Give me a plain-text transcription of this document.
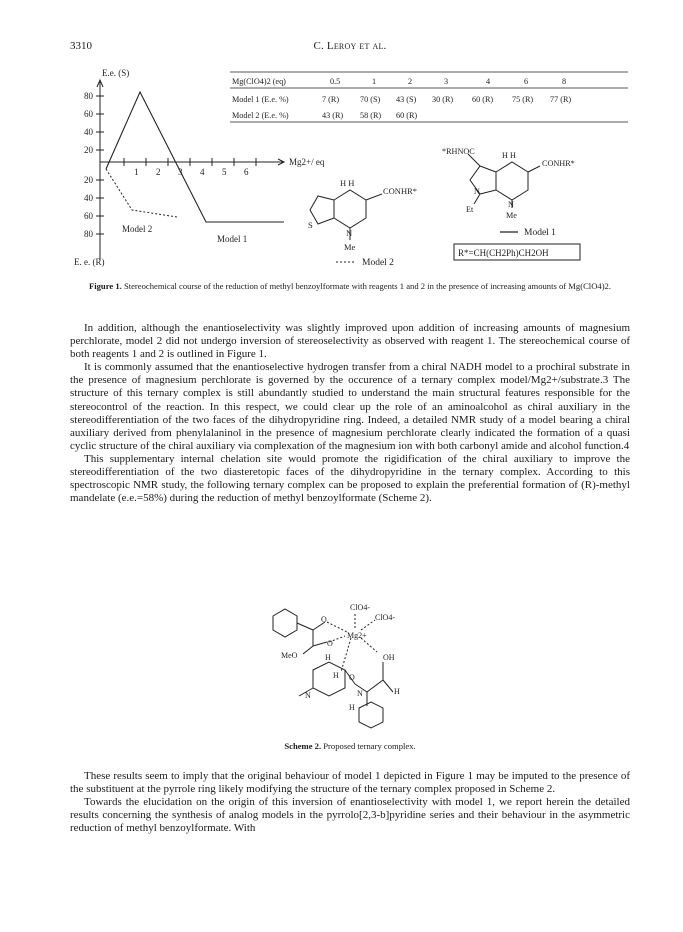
3310	C. Leroy et al.
E.e. (S)
E. e. (R)
80
60
40
20
20
40
60
80
1 2 3 4 5 6
Mg2+/ eq
Model 2
Model 1
Mg(ClO4)2 (eq)	0.5	1	2	3	4	6	8
Model 1 (E.e. %)	7 (R)	70 (S) 43 (S) 30 (R) 60 (R) 75 (R) 77 (R)
Model 2 (E.e. %)	43 (R) 58 (R) 60 (R)
H H
CONHR*
S
N
Me
Model 2
*RHNOC	H H
CONHR*
N
Et
N
Me
Model 1
R*=CH(CH2Ph)CH2OH
Figure 1. Stereochemical course of the reduction of methyl benzoylformate with reagents 1 and 2 in the presence of increasing amounts of Mg(ClO4)2.

In addition, although the enantioselectivity was slightly improved upon addition of increasing amounts of magnesium perchlorate, model 2 did not undergo inversion of stereoselectivity as observed with reagent 1. The stereochemical course of both reagents 1 and 2 is outlined in Figure 1.

It is commonly assumed that the enantioselective hydrogen transfer from a chiral NADH model to a prochiral substrate in the presence of magnesium perchlorate is governed by the occurence of a ternary complex model/Mg2+/substrate.3 The structure of this ternary complex is still abundantly studied to understand the main structural features responsible for the stereocontrol of the reaction. In this respect, we could clear up the role of an aminoalcohol as chiral auxiliary in the stereodifferentiation of the two faces of the dihydropyridine ring. Indeed, a detailed NMR study of a model bearing a chiral auxiliary derived from phenylalaninol in the presence of magnesium perchlorate clearly indicated the formation of a quasi cyclic structure of the chiral auxiliary via complexation of the magnesium ion with both carbonyl amide and alcohol function.4

This supplementary internal chelation site would promote the rigidification of the chiral auxiliary to improve the stereodifferentiation of the two diasteretopic faces of the dihydropyridine in the ternary complex. According to this spectroscopic NMR study, the following ternary complex can be proposed to explain the preferential formation of (R)-methyl mandelate (e.e.=58%) during the reduction of methyl benzoylformate (Scheme 2).

ClO4-
ClO4-
Mg2+
O
O
MeO	H
H O
OH
H
N
H
N
Scheme 2. Proposed ternary complex.

These results seem to imply that the original behaviour of model 1 depicted in Figure 1 may be imputed to the presence of the substituent at the pyrrole ring likely modifying the structure of the ternary complex proposed in Scheme 2.

Towards the elucidation on the origin of this inversion of enantioselectivity with model 1, we report herein the detailed results concerning the synthesis of analog models in the pyrrolo[2,3-b]pyridine series and their behaviour in the asymmetric reduction of methyl benzoylformate. With
